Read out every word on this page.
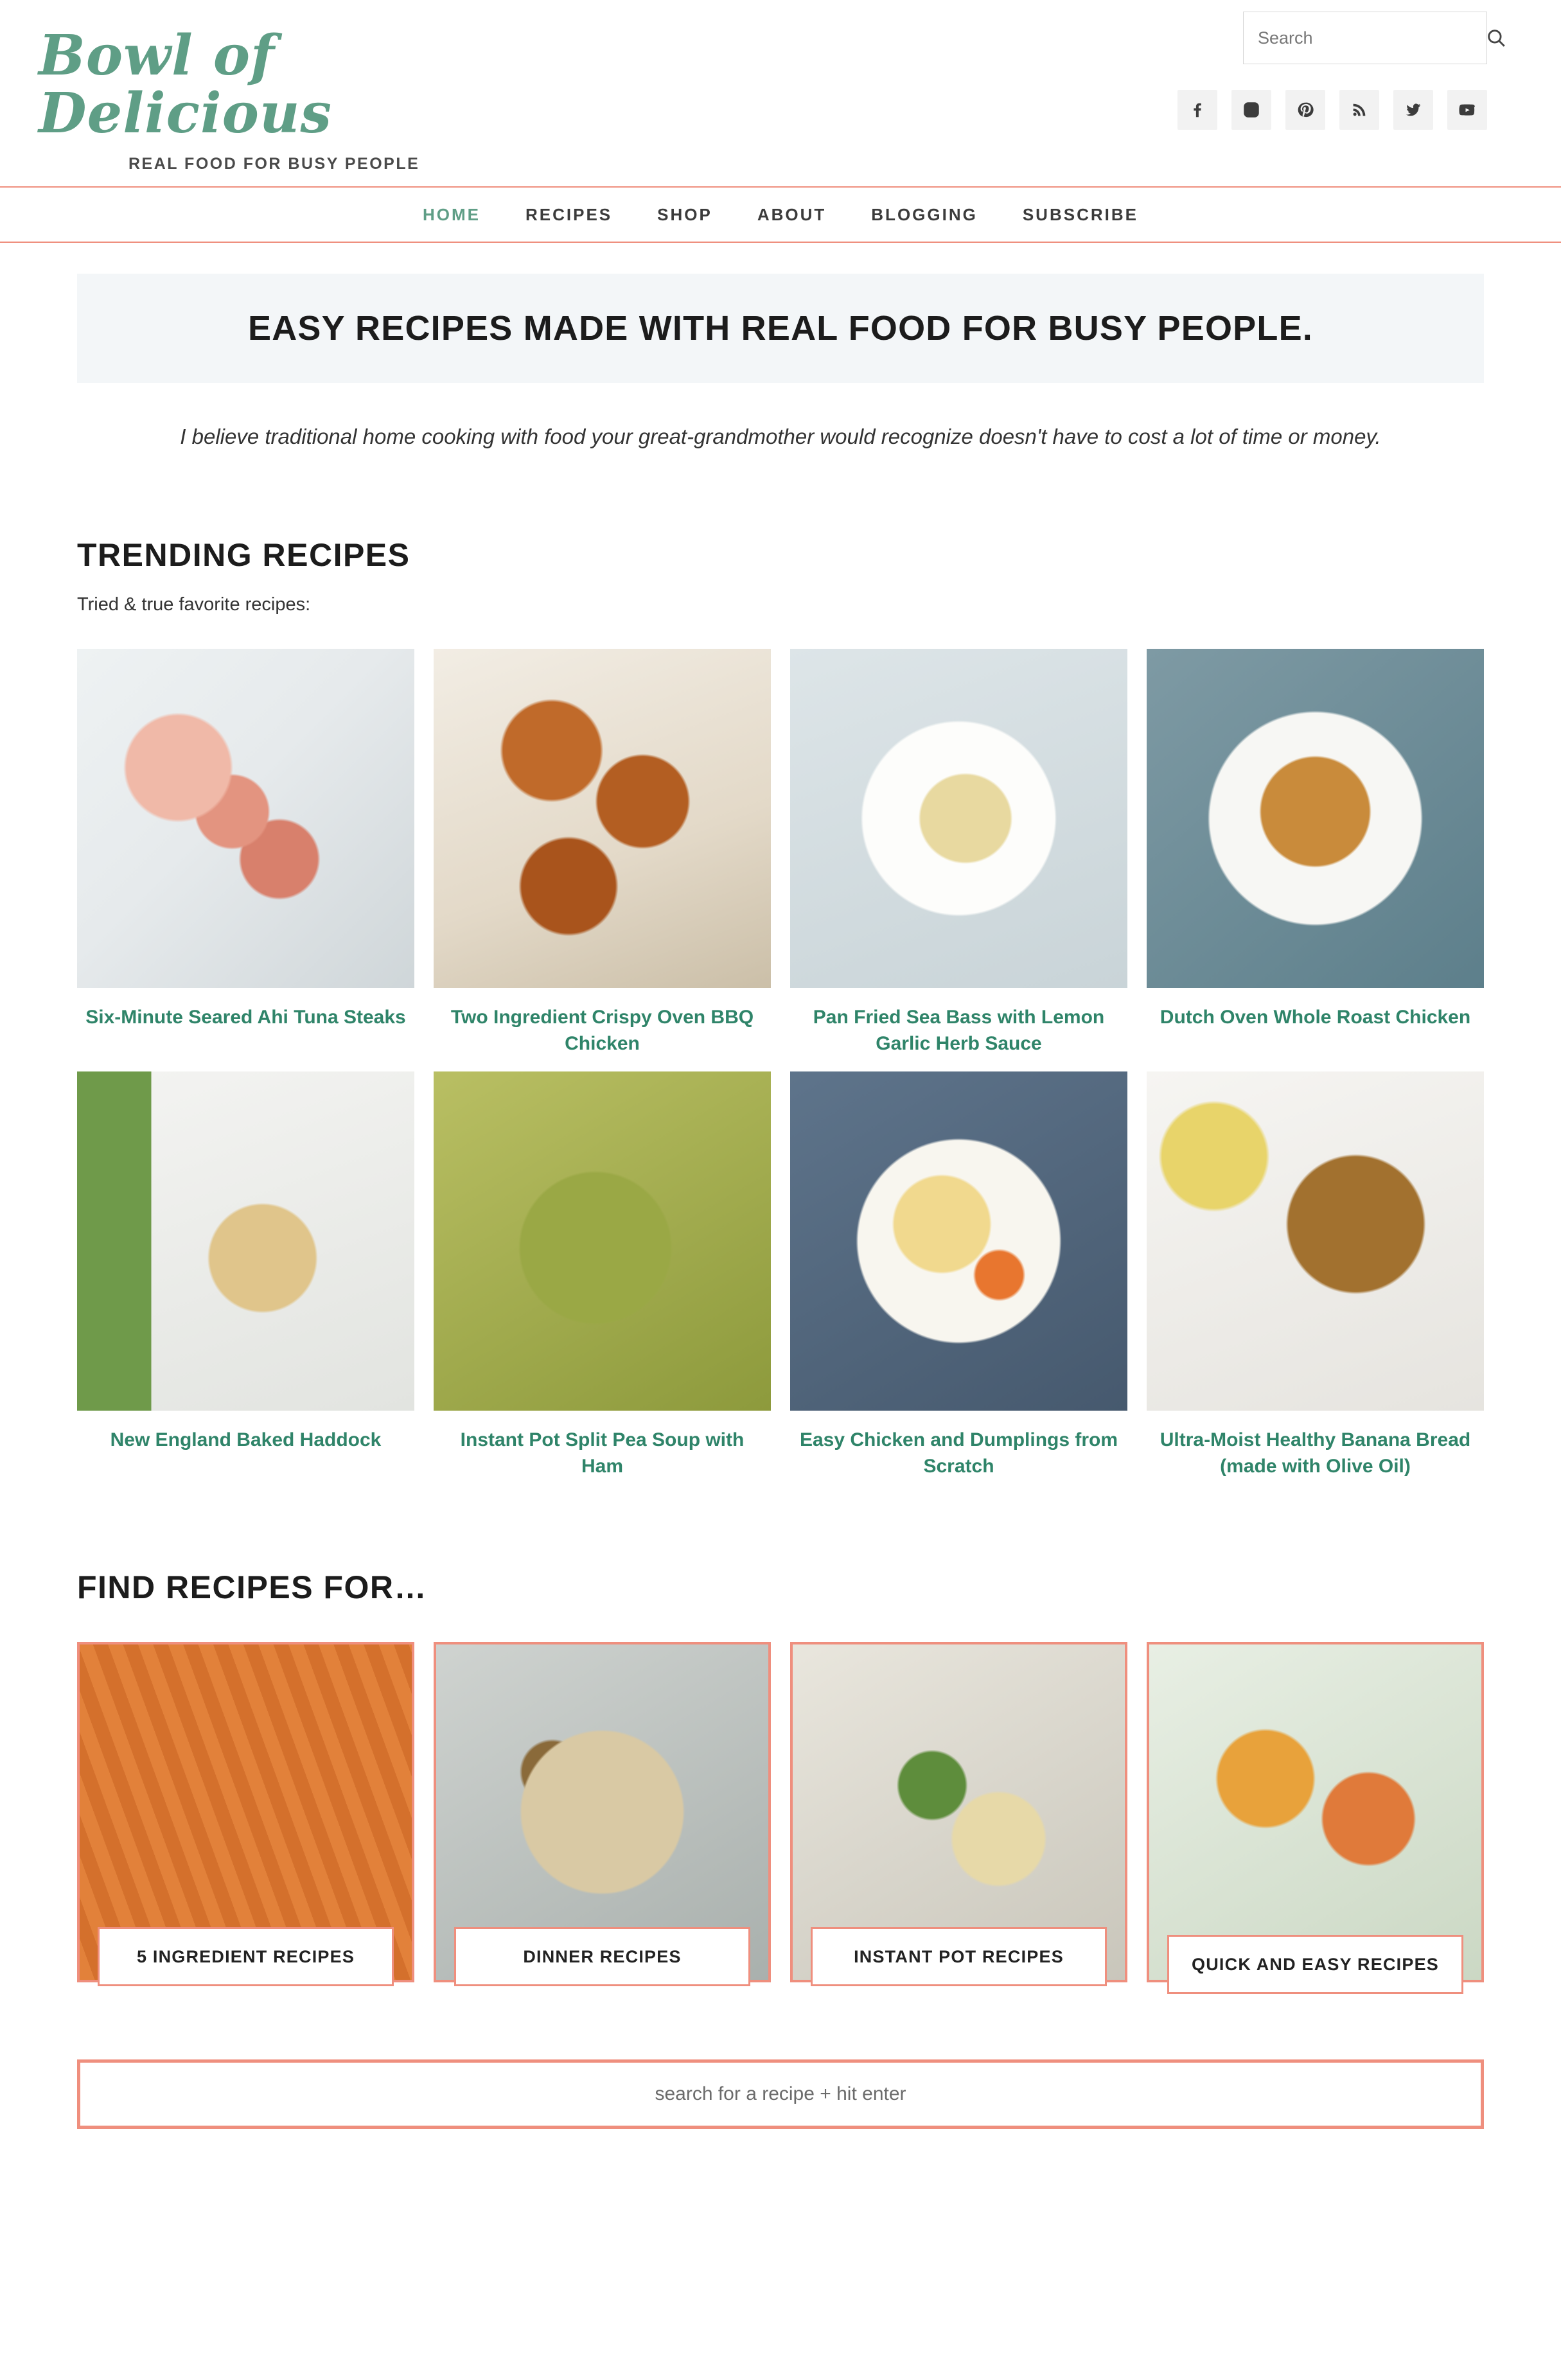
Bowl of Delicious
REAL FOOD FOR BUSY PEOPLE
Search
HOME	RECIPES	SHOP	ABOUT	BLOGGING	SUBSCRIBE
EASY RECIPES MADE WITH REAL FOOD FOR BUSY PEOPLE.
I believe traditional home cooking with food your great-grandmother would recognize doesn't have to cost a lot of time or money.
TRENDING RECIPES
Tried & true favorite recipes:
Six-Minute Seared Ahi Tuna Steaks	Two Ingredient Crispy Oven BBQ Chicken
Pan Fried Sea Bass with Lemon Garlic Herb Sauce
Dutch Oven Whole Roast Chicken
New England Baked Haddock	Instant Pot Split Pea Soup with Ham
Easy Chicken and Dumplings from Scratch
Ultra-Moist Healthy Banana Bread (made with Olive Oil)
FIND RECIPES FOR…
5 INGREDIENT RECIPES	DINNER RECIPES	INSTANT POT RECIPES	QUICK AND EASY RECIPES
search for a recipe + hit enter
